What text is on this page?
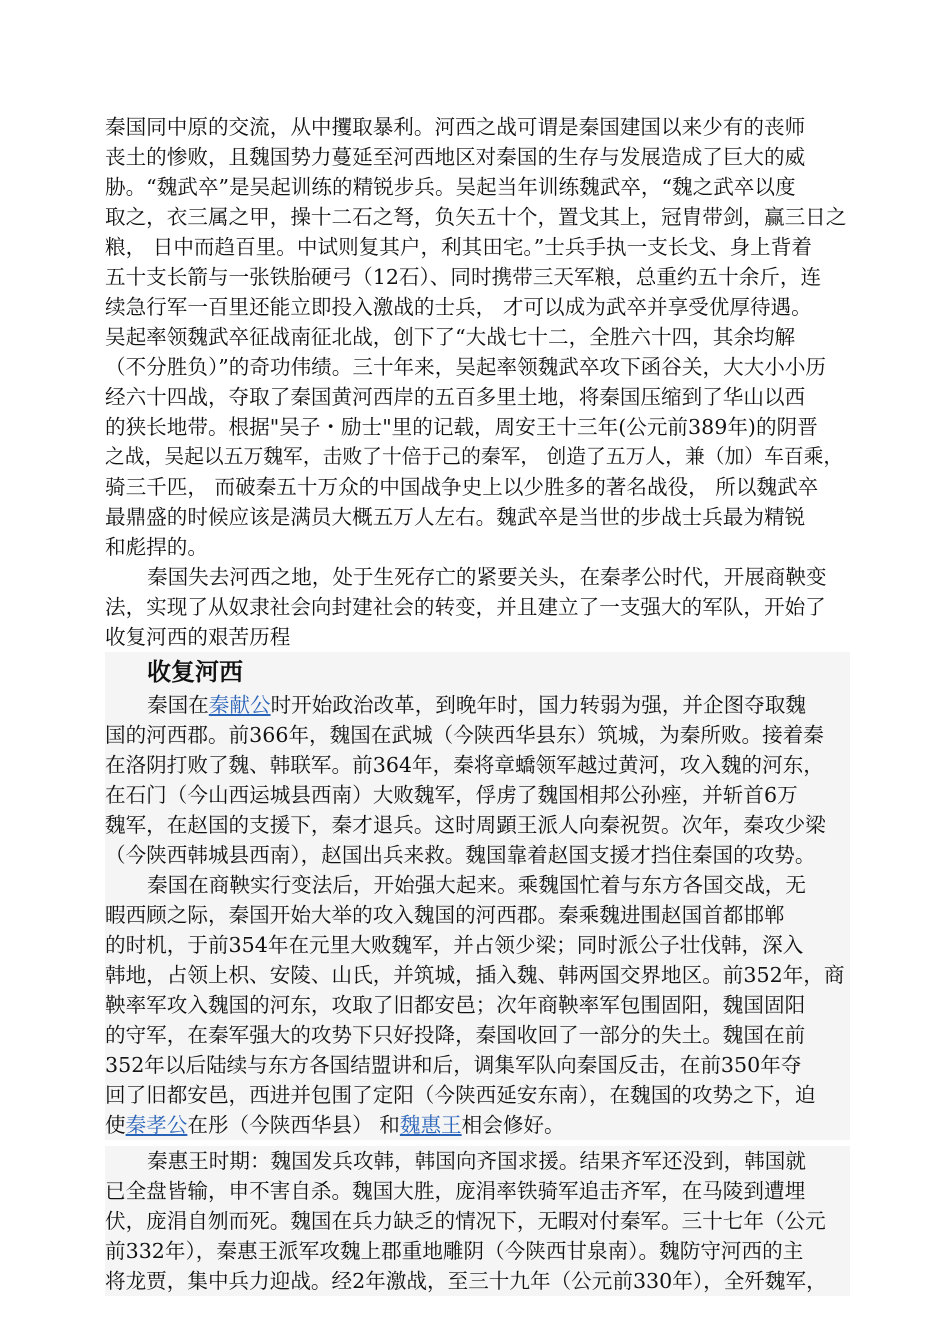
秦国同中原的交流，从中攫取暴利。河西之战可谓是秦国建国以来少有的丧师
丧土的惨败，且魏国势力蔓延至河西地区对秦国的生存与发展造成了巨大的威
胁。“魏武卒”是吴起训练的精锐步兵。吴起当年训练魏武卒，“魏之武卒以度
取之，衣三属之甲，操十二石之弩，负矢五十个，置戈其上，冠胄带剑，赢三日之
粮， 日中而趋百里。中试则复其户，利其田宅。”士兵手执一支长戈、身上背着
五十支长箭与一张铁胎硬弓（12石）、同时携带三天军粮，总重约五十余斤，连
续急行军一百里还能立即投入激战的士兵， 才可以成为武卒并享受优厚待遇。
吴起率领魏武卒征战南征北战，创下了“大战七十二，全胜六十四，其余均解
（不分胜负）”的奇功伟绩。三十年来，吴起率领魏武卒攻下函谷关，大大小小历
经六十四战，夺取了秦国黄河西岸的五百多里土地，将秦国压缩到了华山以西
的狭长地带。根据"吴子・励士"里的记载，周安王十三年(公元前389年)的阴晋
之战，吴起以五万魏军，击败了十倍于己的秦军， 创造了五万人，兼（加）车百乘，
骑三千匹， 而破秦五十万众的中国战争史上以少胜多的著名战役， 所以魏武卒
最鼎盛的时候应该是满员大概五万人左右。魏武卒是当世的步战士兵最为精锐
和彪捍的。
秦国失去河西之地，处于生死存亡的紧要关头，在秦孝公时代，开展商鞅变
法，实现了从奴隶社会向封建社会的转变，并且建立了一支强大的军队，开始了
收复河西的艰苦历程
收复河西
秦国在秦献公时开始政治改革，到晚年时，国力转弱为强，并企图夺取魏
国的河西郡。前366年，魏国在武城（今陕西华县东）筑城，为秦所败。接着秦
在洛阴打败了魏、韩联军。前364年，秦将章蟜领军越过黄河，攻入魏的河东，
在石门（今山西运城县西南）大败魏军，俘虏了魏国相邦公孙痤，并斩首6万
魏军，在赵国的支援下，秦才退兵。这时周顕王派人向秦祝贺。次年，秦攻少梁
（今陕西韩城县西南），赵国出兵来救。魏国靠着赵国支援才挡住秦国的攻势。
秦国在商鞅实行变法后，开始强大起来。乘魏国忙着与东方各国交战，无
暇西顾之际，秦国开始大举的攻入魏国的河西郡。秦乘魏进围赵国首都邯郸
的时机，于前354年在元里大败魏军，并占领少梁；同时派公子壮伐韩，深入
韩地，占领上枳、安陵、山氏，并筑城，插入魏、韩两国交界地区。前352年，商
鞅率军攻入魏国的河东，攻取了旧都安邑；次年商鞅率军包围固阳，魏国固阳
的守军，在秦军强大的攻势下只好投降，秦国收回了一部分的失土。魏国在前
352年以后陆续与东方各国结盟讲和后，调集军队向秦国反击，在前350年夺
回了旧都安邑，西进并包围了定阳（今陕西延安东南），在魏国的攻势之下，迫
使秦孝公在彤（今陕西华县） 和魏惠王相会修好。
秦惠王时期：魏国发兵攻韩，韩国向齐国求援。结果齐军还没到，韩国就
已全盘皆输，申不害自杀。魏国大胜，庞涓率铁骑军追击齐军，在马陵到遭埋
伏，庞涓自刎而死。魏国在兵力缺乏的情况下，无暇对付秦军。三十七年（公元
前332年），秦惠王派军攻魏上郡重地雕阴（今陕西甘泉南）。魏防守河西的主
将龙贾，集中兵力迎战。经2年激战，至三十九年（公元前330年），全歼魏军，
